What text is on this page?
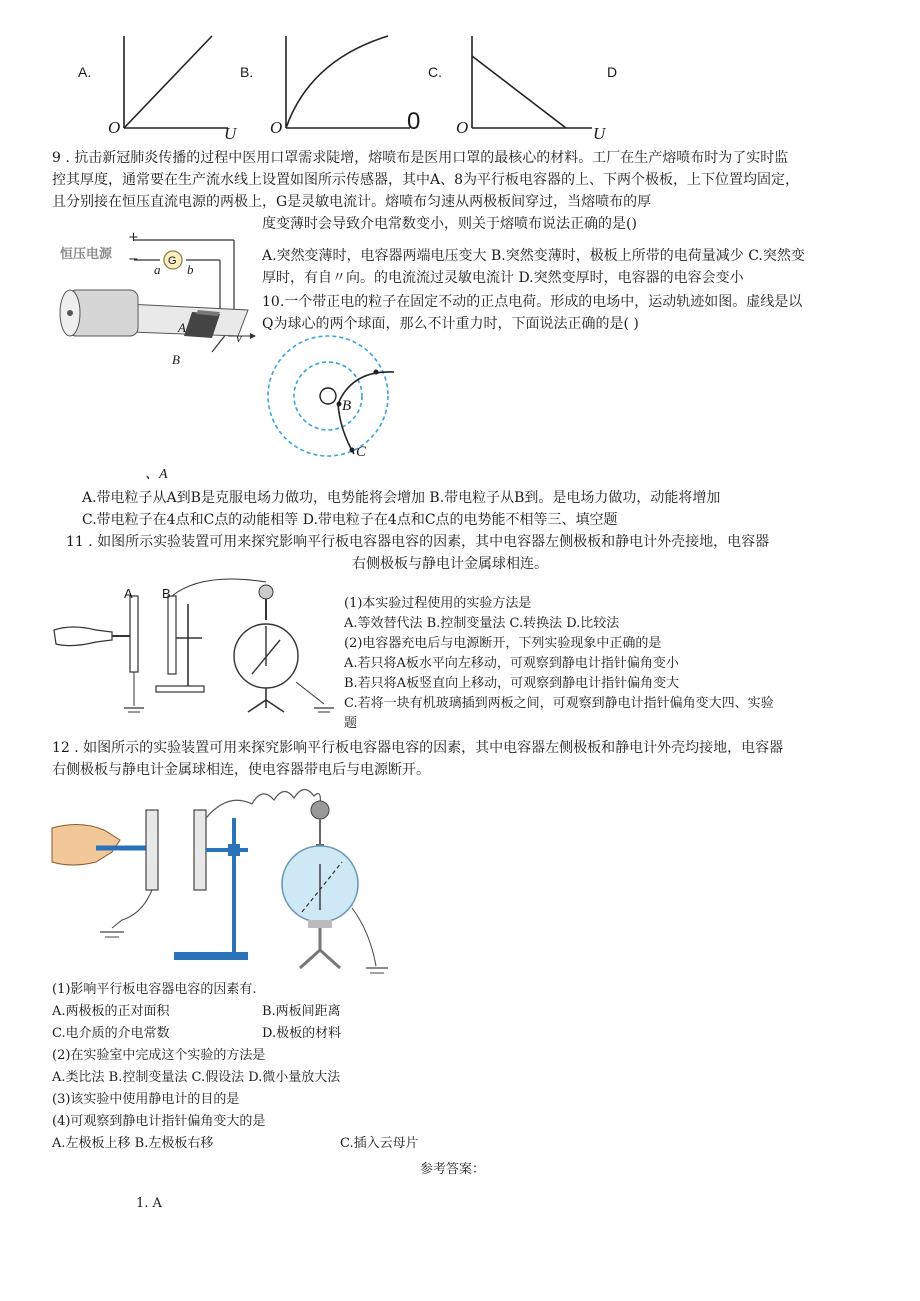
A.	B.	C.	D
O	U O	0 O	U
9 . 抗击新冠肺炎传播的过程中医用口罩需求陡增，熔喷布是医用口罩的最核心的材料。工厂在生产熔喷布时为了实时监
控其厚度，通常要在生产流水线上设置如图所示传感器，其中A、8为平行板电容器的上、下两个极板，上下位置均固定，
且分别接在恒压直流电源的两极上，G是灵敏电流计。熔喷布匀速从两极板间穿过，当熔喷布的厚
度变薄时会导致介电常数变小，则关于熔喷布说法正确的是()
恒压电源
+
−	G
a b
A
B
v
A.突然变薄时，电容器两端电压变大 B.突然变薄时，极板上所带的电荷量减少 C.突然变
厚时，有自〃向。的电流流过灵敏电流计 D.突然变厚时，电容器的电容会变小
10.一个带正电的粒子在固定不动的正点电荷。形成的电场中，运动轨迹如图。虚线是以
Q为球心的两个球面，那么不计重力时，下面说法正确的是( )
B
C
、A
A.带电粒子从A到B是克服电场力做功，电势能将会增加 B.带电粒子从B到。是电场力做功，动能将增加
C.带电粒子在4点和C点的动能相等 D.带电粒子在4点和C点的电势能不相等三、填空题
11 . 如图所示实验装置可用来探究影响平行板电容器电容的因素，其中电容器左侧极板和静电计外壳接地，电容器
右侧极板与静电计金属球相连。
A B
(1)本实验过程使用的实验方法是
A.等效替代法 B.控制变量法 C.转换法 D.比较法
(2)电容器充电后与电源断开，下列实验现象中正确的是
A.若只将A板水平向左移动，可观察到静电计指针偏角变小
B.若只将A板竖直向上移动，可观察到静电计指针偏角变大
C.若将一块有机玻璃插到两板之间，可观察到静电计指针偏角变大四、实验
题
12 . 如图所示的实验装置可用来探究影响平行板电容器电容的因素，其中电容器左侧极板和静电计外壳均接地，电容器
右侧极板与静电计金属球相连，使电容器带电后与电源断开。
(1)影响平行板电容器电容的因素有.
A.两极板的正对面积	B.两板间距离
C.电介质的介电常数	D.极板的材料
(2)在实验室中完成这个实验的方法是
A.类比法 B.控制变量法 C.假设法 D.微小量放大法
(3)该实验中使用静电计的目的是
(4)可观察到静电计指针偏角变大的是
A.左极板上移 B.左极板右移	C.插入云母片
参考答案：
1. A
